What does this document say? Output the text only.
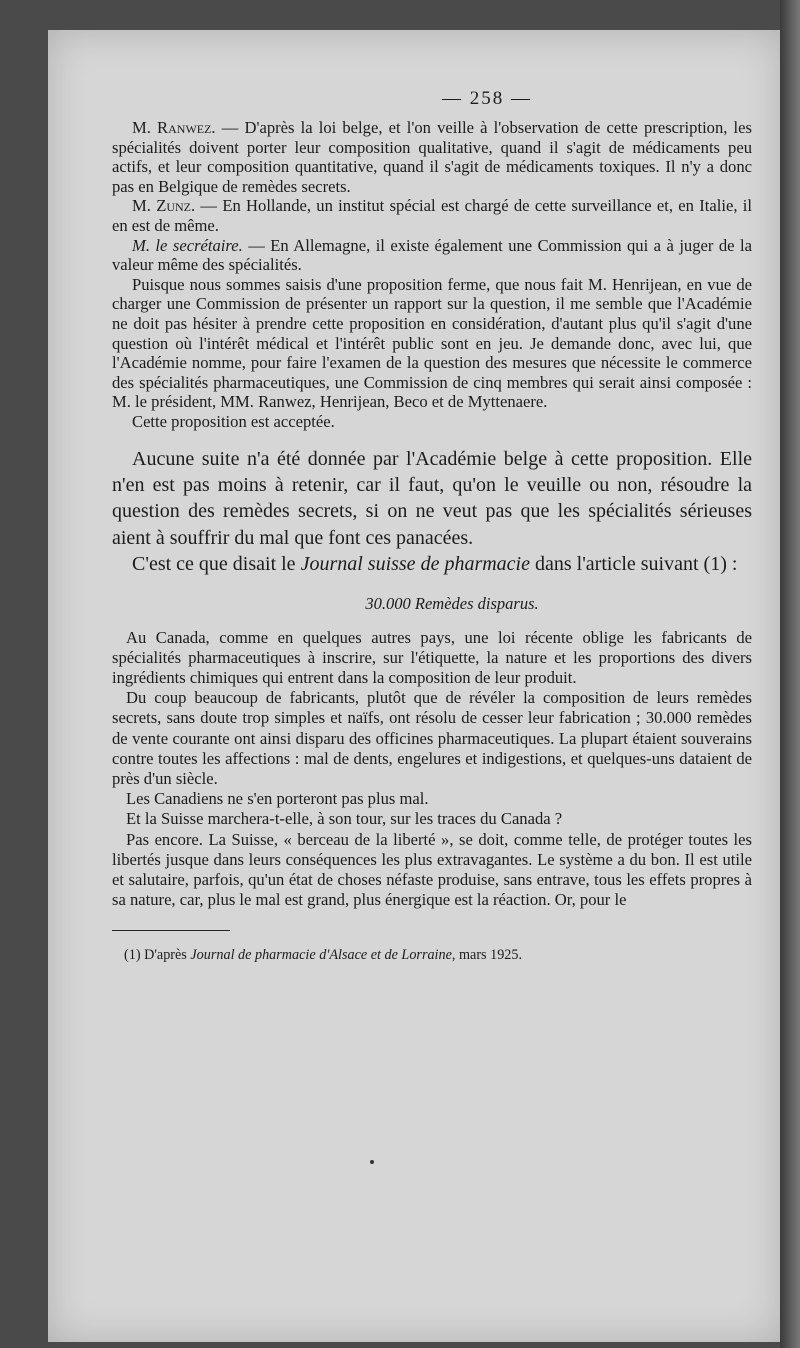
— 258 —

M. Ranwez. — D'après la loi belge, et l'on veille à l'observation de cette prescription, les spécialités doivent porter leur composition qualitative, quand il s'agit de médicaments peu actifs, et leur composition quantitative, quand il s'agit de médicaments toxiques. Il n'y a donc pas en Belgique de remèdes secrets.

M. Zunz. — En Hollande, un institut spécial est chargé de cette surveillance et, en Italie, il en est de même.

M. le secrétaire. — En Allemagne, il existe également une Commission qui a à juger de la valeur même des spécialités.

Puisque nous sommes saisis d'une proposition ferme, que nous fait M. Henrijean, en vue de charger une Commission de présenter un rapport sur la question, il me semble que l'Académie ne doit pas hésiter à prendre cette proposition en considération, d'autant plus qu'il s'agit d'une question où l'intérêt médical et l'intérêt public sont en jeu. Je demande donc, avec lui, que l'Académie nomme, pour faire l'examen de la question des mesures que nécessite le commerce des spécialités pharmaceutiques, une Commission de cinq membres qui serait ainsi composée : M. le président, MM. Ranwez, Henrijean, Beco et de Myttenaere.

Cette proposition est acceptée.

Aucune suite n'a été donnée par l'Académie belge à cette proposition. Elle n'en est pas moins à retenir, car il faut, qu'on le veuille ou non, résoudre la question des remèdes secrets, si on ne veut pas que les spécialités sérieuses aient à souffrir du mal que font ces panacées.

C'est ce que disait le Journal suisse de pharmacie dans l'article suivant (1) :

30.000 Remèdes disparus.

Au Canada, comme en quelques autres pays, une loi récente oblige les fabricants de spécialités pharmaceutiques à inscrire, sur l'étiquette, la nature et les proportions des divers ingrédients chimiques qui entrent dans la composition de leur produit.

Du coup beaucoup de fabricants, plutôt que de révéler la composition de leurs remèdes secrets, sans doute trop simples et naïfs, ont résolu de cesser leur fabrication ; 30.000 remèdes de vente courante ont ainsi disparu des officines pharmaceutiques. La plupart étaient souverains contre toutes les affections : mal de dents, engelures et indigestions, et quelques-uns dataient de près d'un siècle.

Les Canadiens ne s'en porteront pas plus mal.

Et la Suisse marchera-t-elle, à son tour, sur les traces du Canada ?

Pas encore. La Suisse, « berceau de la liberté », se doit, comme telle, de protéger toutes les libertés jusque dans leurs conséquences les plus extravagantes. Le système a du bon. Il est utile et salutaire, parfois, qu'un état de choses néfaste produise, sans entrave, tous les effets propres à sa nature, car, plus le mal est grand, plus énergique est la réaction. Or, pour le

(1) D'après Journal de pharmacie d'Alsace et de Lorraine, mars 1925.
